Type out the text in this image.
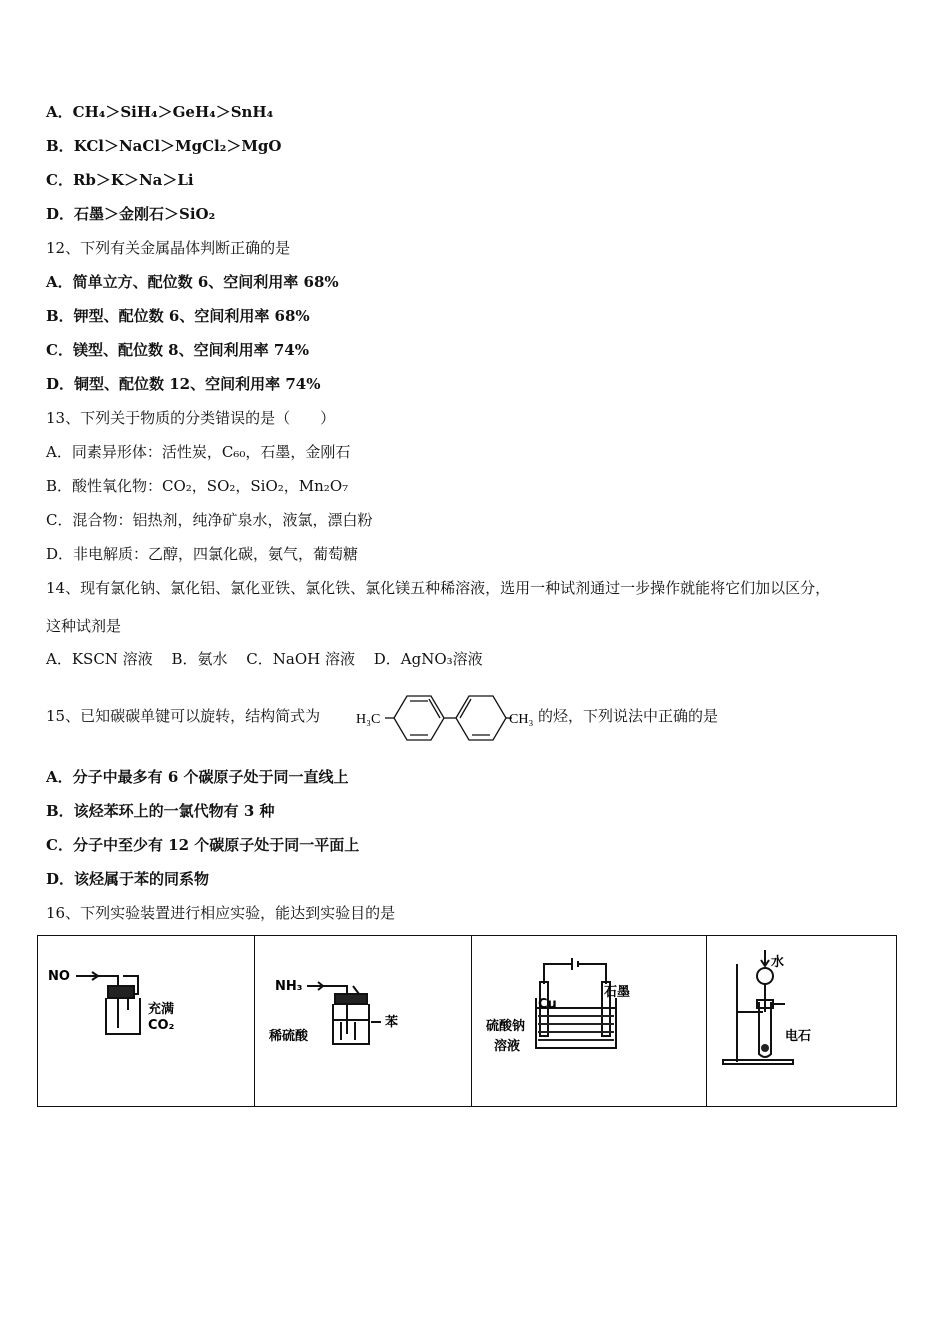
A．CH₄＞SiH₄＞GeH₄＞SnH₄
B．KCl＞NaCl＞MgCl₂＞MgO
C．Rb＞K＞Na＞Li
D．石墨＞金刚石＞SiO₂
12、下列有关金属晶体判断正确的是
A．简单立方、配位数 6、空间利用率 68%
B．钾型、配位数 6、空间利用率 68%
C．镁型、配位数 8、空间利用率 74%
D．铜型、配位数 12、空间利用率 74%
13、下列关于物质的分类错误的是（　　）
A．同素异形体：活性炭，C₆₀，石墨，金刚石
B．酸性氧化物：CO₂，SO₂，SiO₂，Mn₂O₇
C．混合物：铝热剂，纯净矿泉水，液氯，漂白粉
D．非电解质：乙醇，四氯化碳，氨气，葡萄糖
14、现有氯化钠、氯化铝、氯化亚铁、氯化铁、氯化镁五种稀溶液，选用一种试剂通过一步操作就能将它们加以区分，
这种试剂是
A．KSCN 溶液 B．氨水 C．NaOH 溶液 D．AgNO₃溶液
15、已知碳碳单键可以旋转，结构简式为	H₃C	CH₃ 的烃，下列说法中正确的是
A．分子中最多有 6 个碳原子处于同一直线上
B．该烃苯环上的一氯代物有 3 种
C．分子中至少有 12 个碳原子处于同一平面上
D．该烃属于苯的同系物
16、下列实验装置进行相应实验，能达到实验目的是
NO
充满
CO₂

NH₃
稀硫酸
苯

Cu
石墨
硫酸钠
溶液

水
电石
